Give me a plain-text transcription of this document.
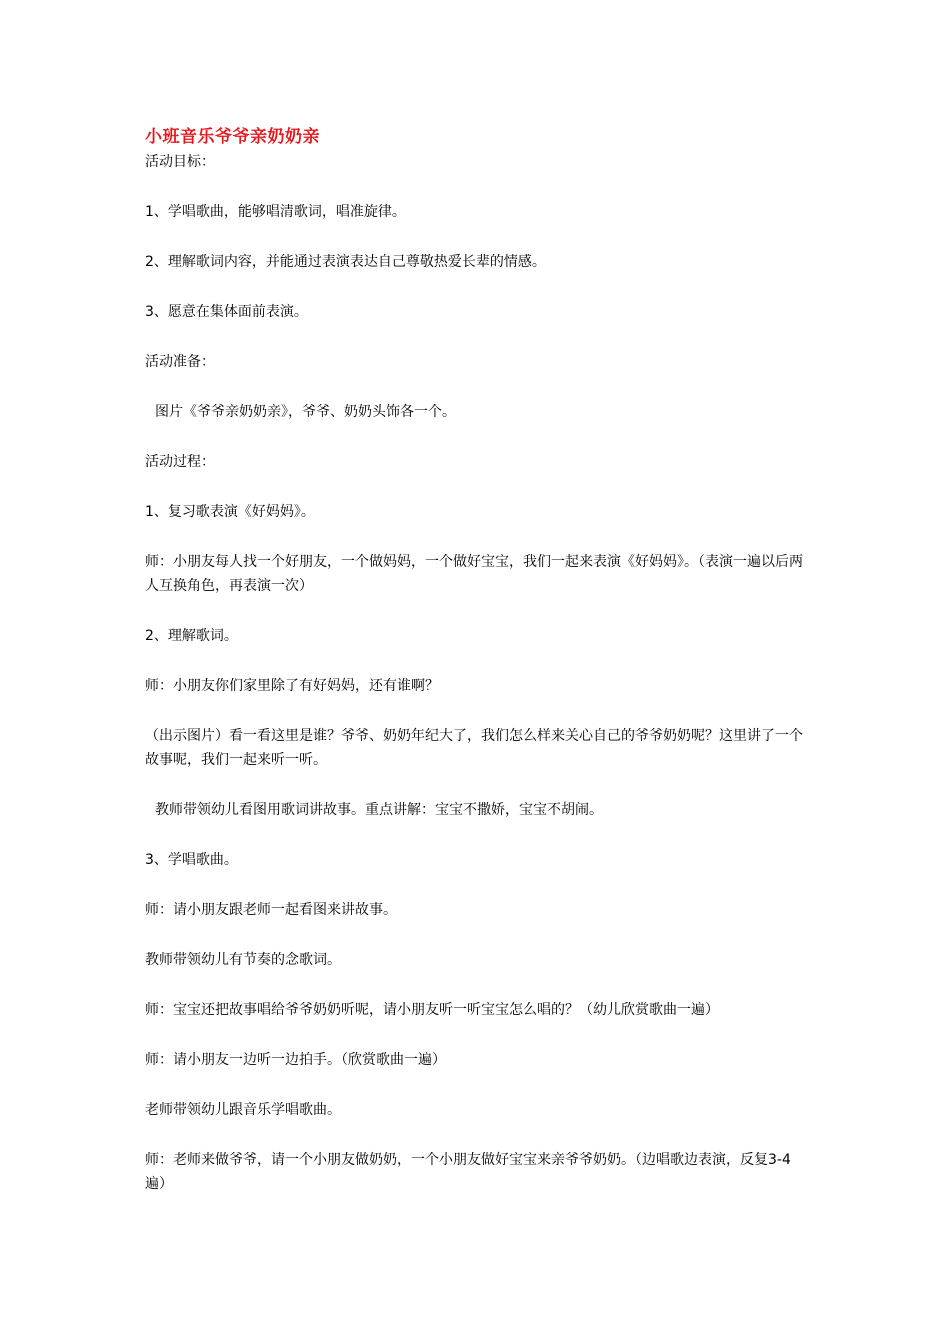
小班音乐爷爷亲奶奶亲

活动目标：

1、学唱歌曲，能够唱清歌词，唱准旋律。

2、理解歌词内容，并能通过表演表达自己尊敬热爱长辈的情感。

3、愿意在集体面前表演。

活动准备：

图片《爷爷亲奶奶亲》，爷爷、奶奶头饰各一个。

活动过程：

1、复习歌表演《好妈妈》。

师：小朋友每人找一个好朋友，一个做妈妈，一个做好宝宝，我们一起来表演《好妈妈》。（表演一遍以后两人互换角色，再表演一次）

2、理解歌词。

师：小朋友你们家里除了有好妈妈，还有谁啊？

（出示图片）看一看这里是谁？爷爷、奶奶年纪大了，我们怎么样来关心自己的爷爷奶奶呢？这里讲了一个故事呢，我们一起来听一听。

教师带领幼儿看图用歌词讲故事。重点讲解：宝宝不撒娇，宝宝不胡闹。

3、学唱歌曲。

师：请小朋友跟老师一起看图来讲故事。

教师带领幼儿有节奏的念歌词。

师：宝宝还把故事唱给爷爷奶奶听呢，请小朋友听一听宝宝怎么唱的？（幼儿欣赏歌曲一遍）

师：请小朋友一边听一边拍手。（欣赏歌曲一遍）

老师带领幼儿跟音乐学唱歌曲。

师：老师来做爷爷，请一个小朋友做奶奶，一个小朋友做好宝宝来亲爷爷奶奶。（边唱歌边表演，反复3-4遍）
